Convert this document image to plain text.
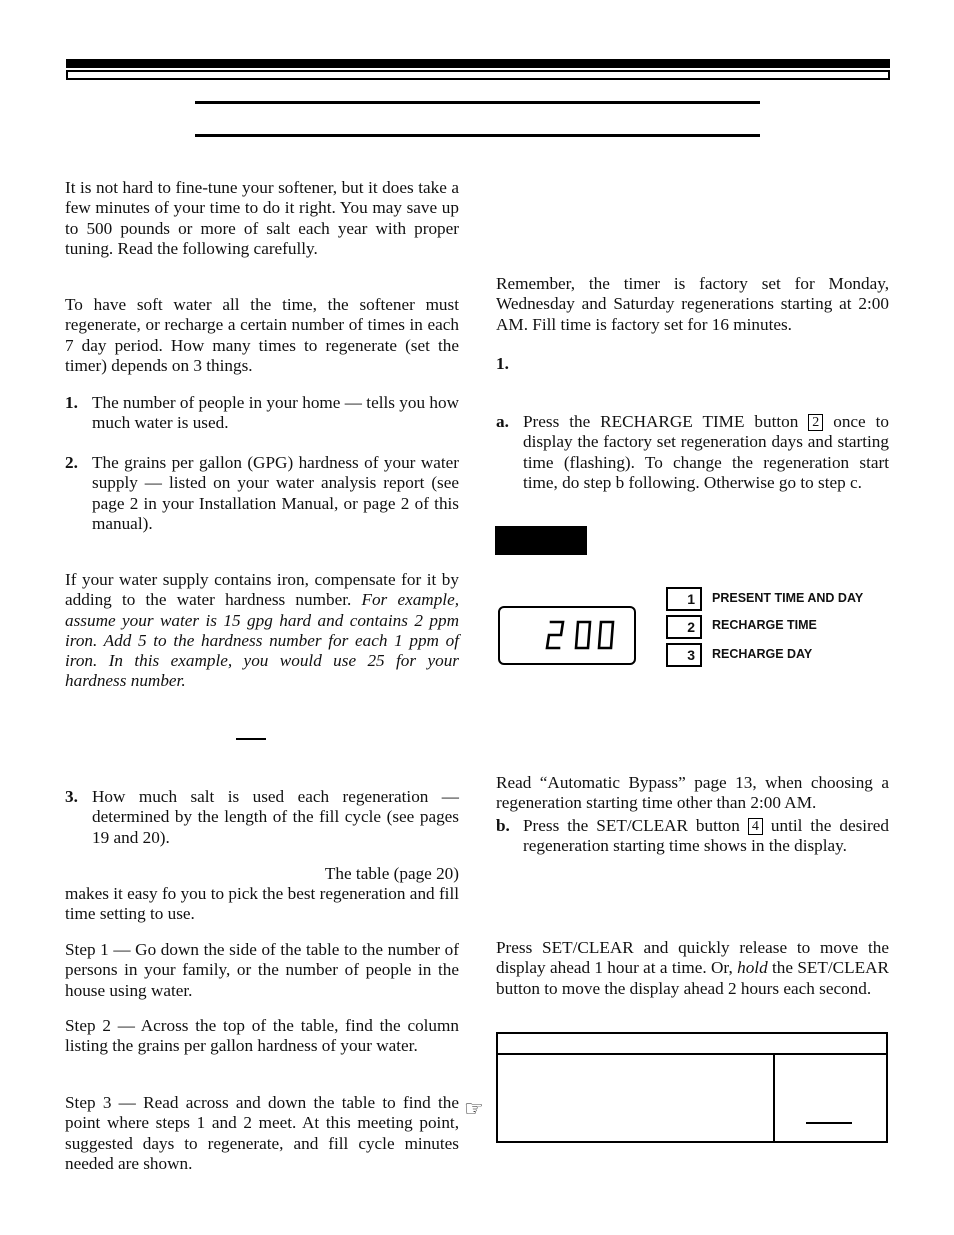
It is not hard to fine-tune your softener, but it does take a few minutes of your time to do it right. You may save up to 500 pounds or more of salt each year with proper tuning. Read the following carefully.

To have soft water all the time, the softener must regenerate, or recharge a certain number of times in each 7 day period. How many times to regenerate (set the timer) depends on 3 things.

1. The number of people in your home — tells you how much water is used.
2. The grains per gallon (GPG) hardness of your water supply — listed on your water analysis report (see page 2 in your Installation Manual, or page 2 of this manual).

If your water supply contains iron, compensate for it by adding to the water hardness number. For example, assume your water is 15 gpg hard and contains 2 ppm iron. Add 5 to the hardness number for each 1 ppm of iron. In this example, you would use 25 for your hardness number.

3. How much salt is used each regeneration — determined by the length of the fill cycle (see pages 19 and 20).

The table (page 20)

makes it easy fo you to pick the best regeneration and fill time setting to use.

Step 1 — Go down the side of the table to the number of persons in your family, or the number of people in the house using water.

Step 2 — Across the top of the table, find the column listing the grains per gallon hardness of your water.

Step 3 — Read across and down the table to find the point where steps 1 and 2 meet. At this meeting point, suggested days to regenerate, and fill cycle minutes needed are shown.

☞

Remember, the timer is factory set for Monday, Wednesday and Saturday regenerations starting at 2:00 AM. Fill time is factory set for 16 minutes.

1.
a. Press the RECHARGE TIME button 2 once to display the factory set regeneration days and starting time (flashing). To change the regeneration start time, do step b following. Otherwise go to step c.
1	PRESENT TIME AND DAY
2	RECHARGE TIME
3	RECHARGE DAY

Read “Automatic Bypass” page 13, when choosing a regeneration starting time other than 2:00 AM.

b. Press the SET/CLEAR button 4 until the desired regeneration starting time shows in the display.

Press SET/CLEAR and quickly release to move the display ahead 1 hour at a time. Or, hold the SET/CLEAR button to move the display ahead 2 hours each second.
